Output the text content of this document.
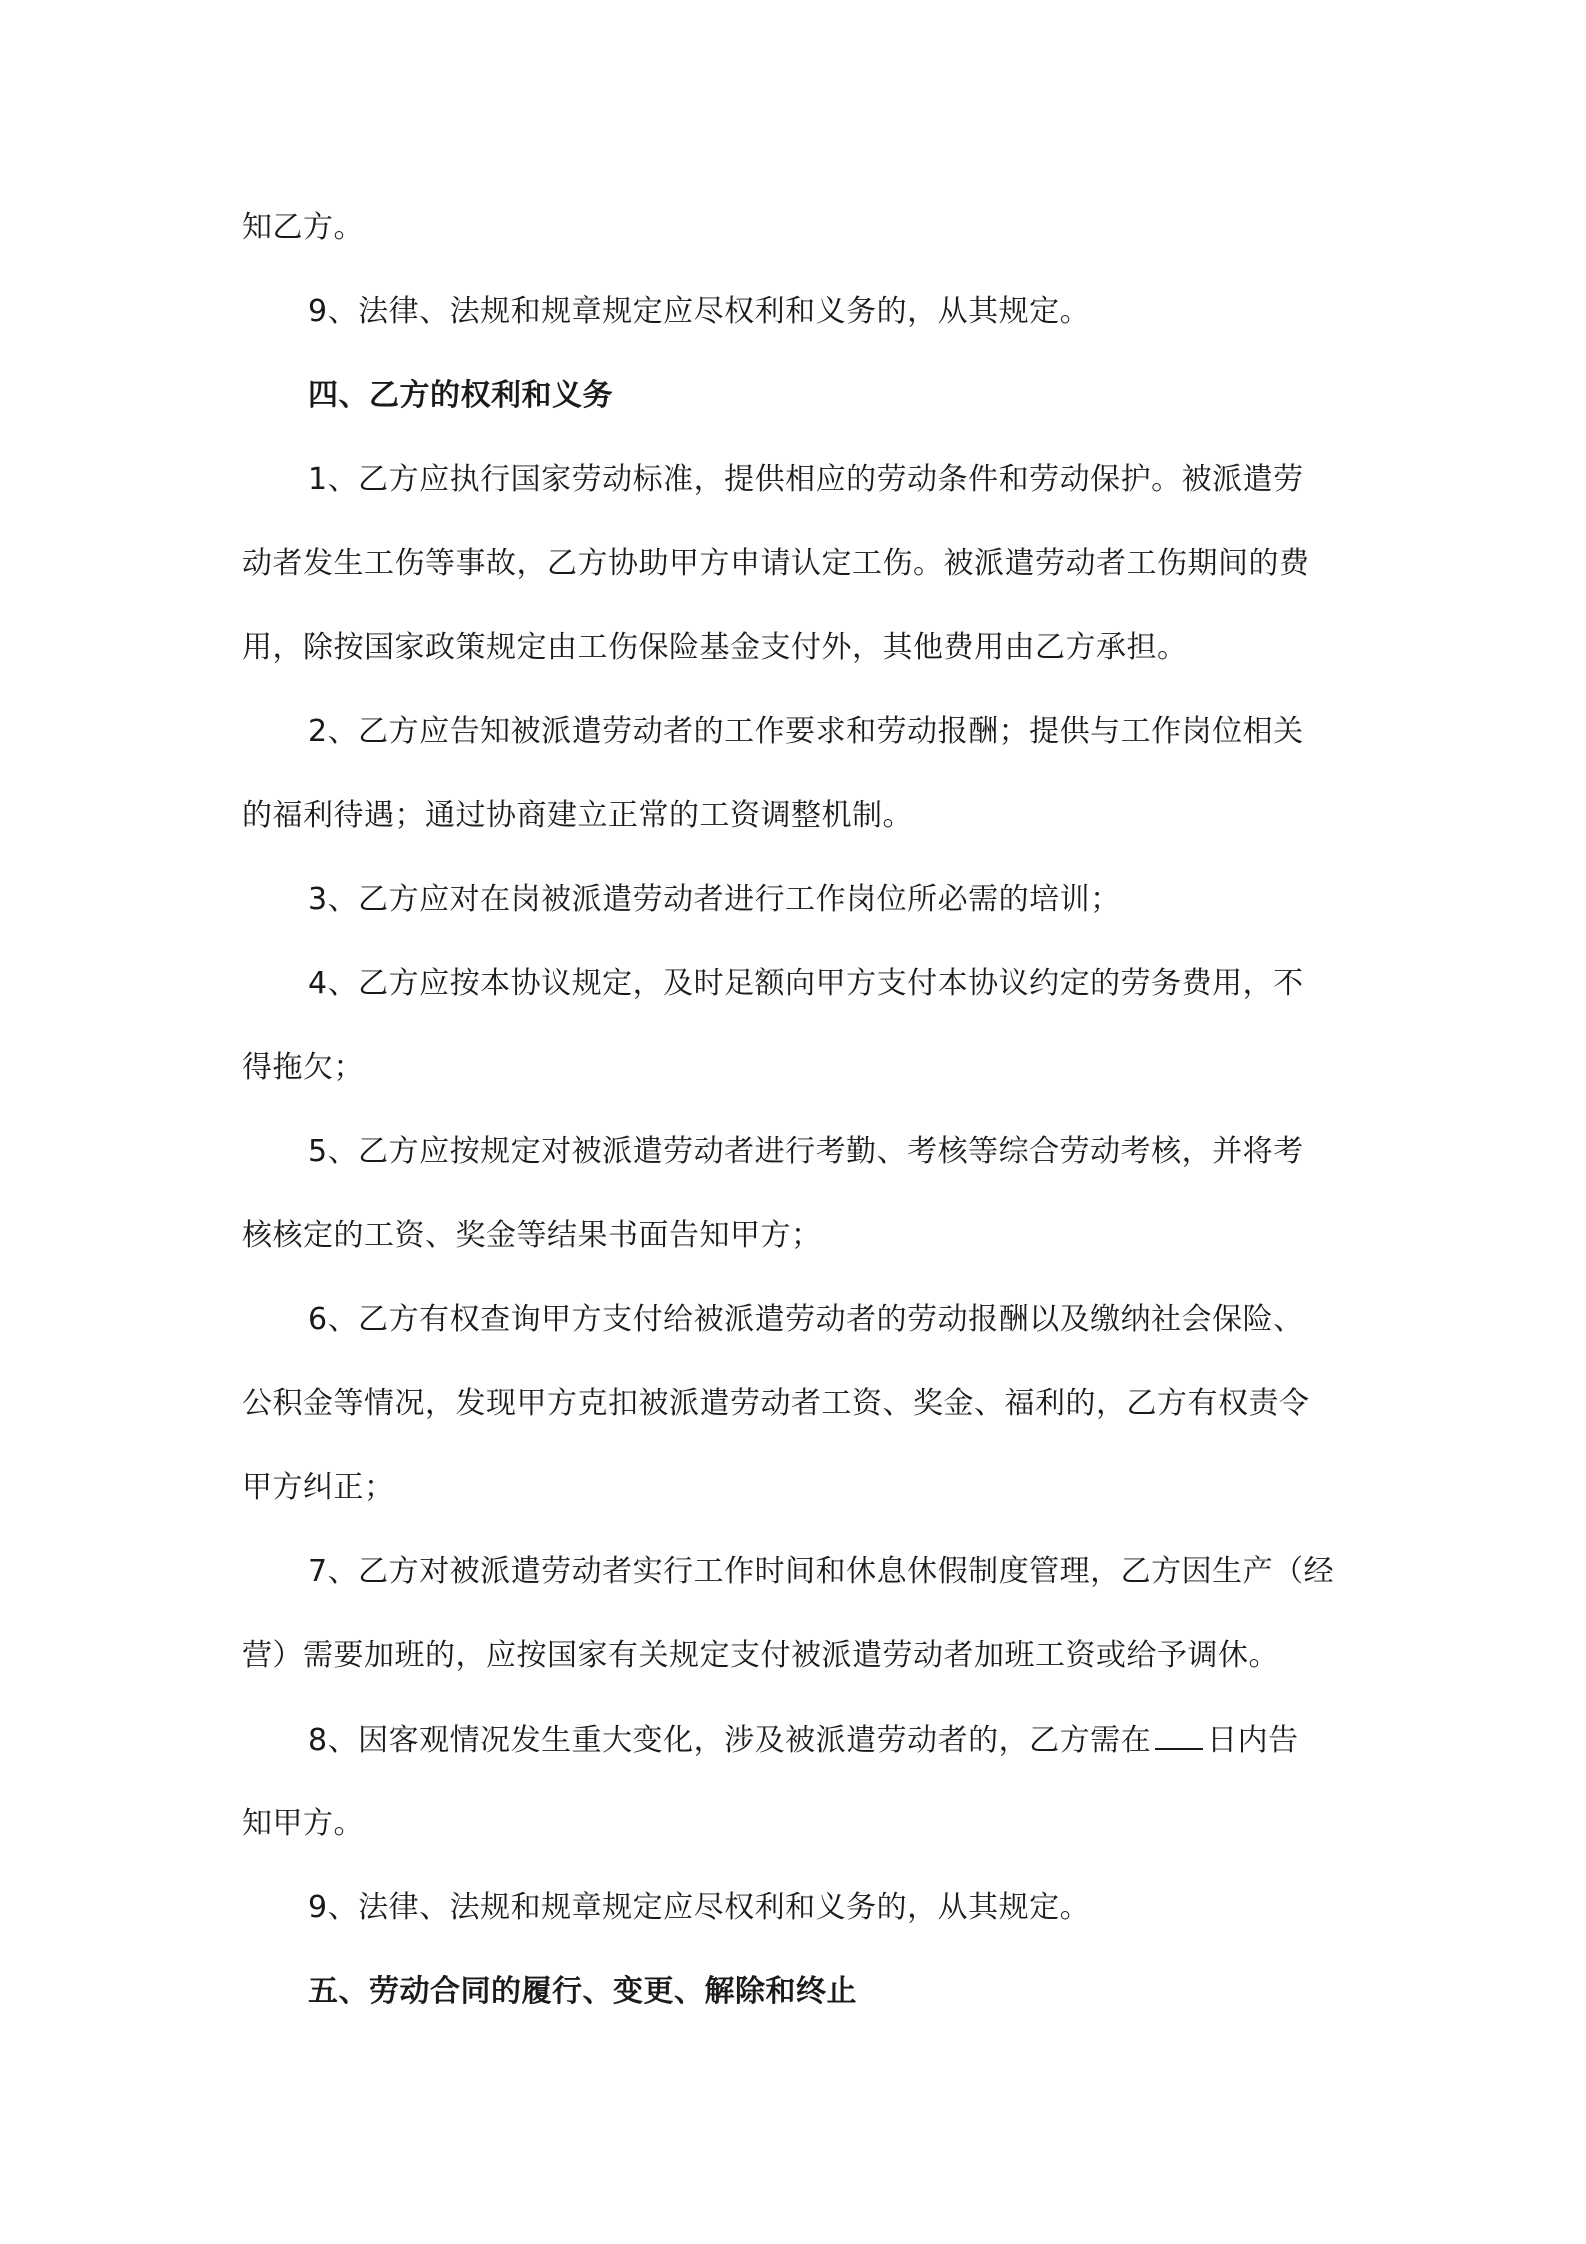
知乙方。
9、法律、法规和规章规定应尽权利和义务的，从其规定。
四、乙方的权利和义务
1、乙方应执行国家劳动标准，提供相应的劳动条件和劳动保护。被派遣劳
动者发生工伤等事故，乙方协助甲方申请认定工伤。被派遣劳动者工伤期间的费
用，除按国家政策规定由工伤保险基金支付外，其他费用由乙方承担。
2、乙方应告知被派遣劳动者的工作要求和劳动报酬；提供与工作岗位相关
的福利待遇；通过协商建立正常的工资调整机制。
3、乙方应对在岗被派遣劳动者进行工作岗位所必需的培训；
4、乙方应按本协议规定，及时足额向甲方支付本协议约定的劳务费用，不
得拖欠；
5、乙方应按规定对被派遣劳动者进行考勤、考核等综合劳动考核，并将考
核核定的工资、奖金等结果书面告知甲方；
6、乙方有权查询甲方支付给被派遣劳动者的劳动报酬以及缴纳社会保险、
公积金等情况，发现甲方克扣被派遣劳动者工资、奖金、福利的，乙方有权责令
甲方纠正；
7、乙方对被派遣劳动者实行工作时间和休息休假制度管理，乙方因生产（经
营）需要加班的，应按国家有关规定支付被派遣劳动者加班工资或给予调休。
8、因客观情况发生重大变化，涉及被派遣劳动者的，乙方需在 日内告
知甲方。
9、法律、法规和规章规定应尽权利和义务的，从其规定。
五、劳动合同的履行、变更、解除和终止
